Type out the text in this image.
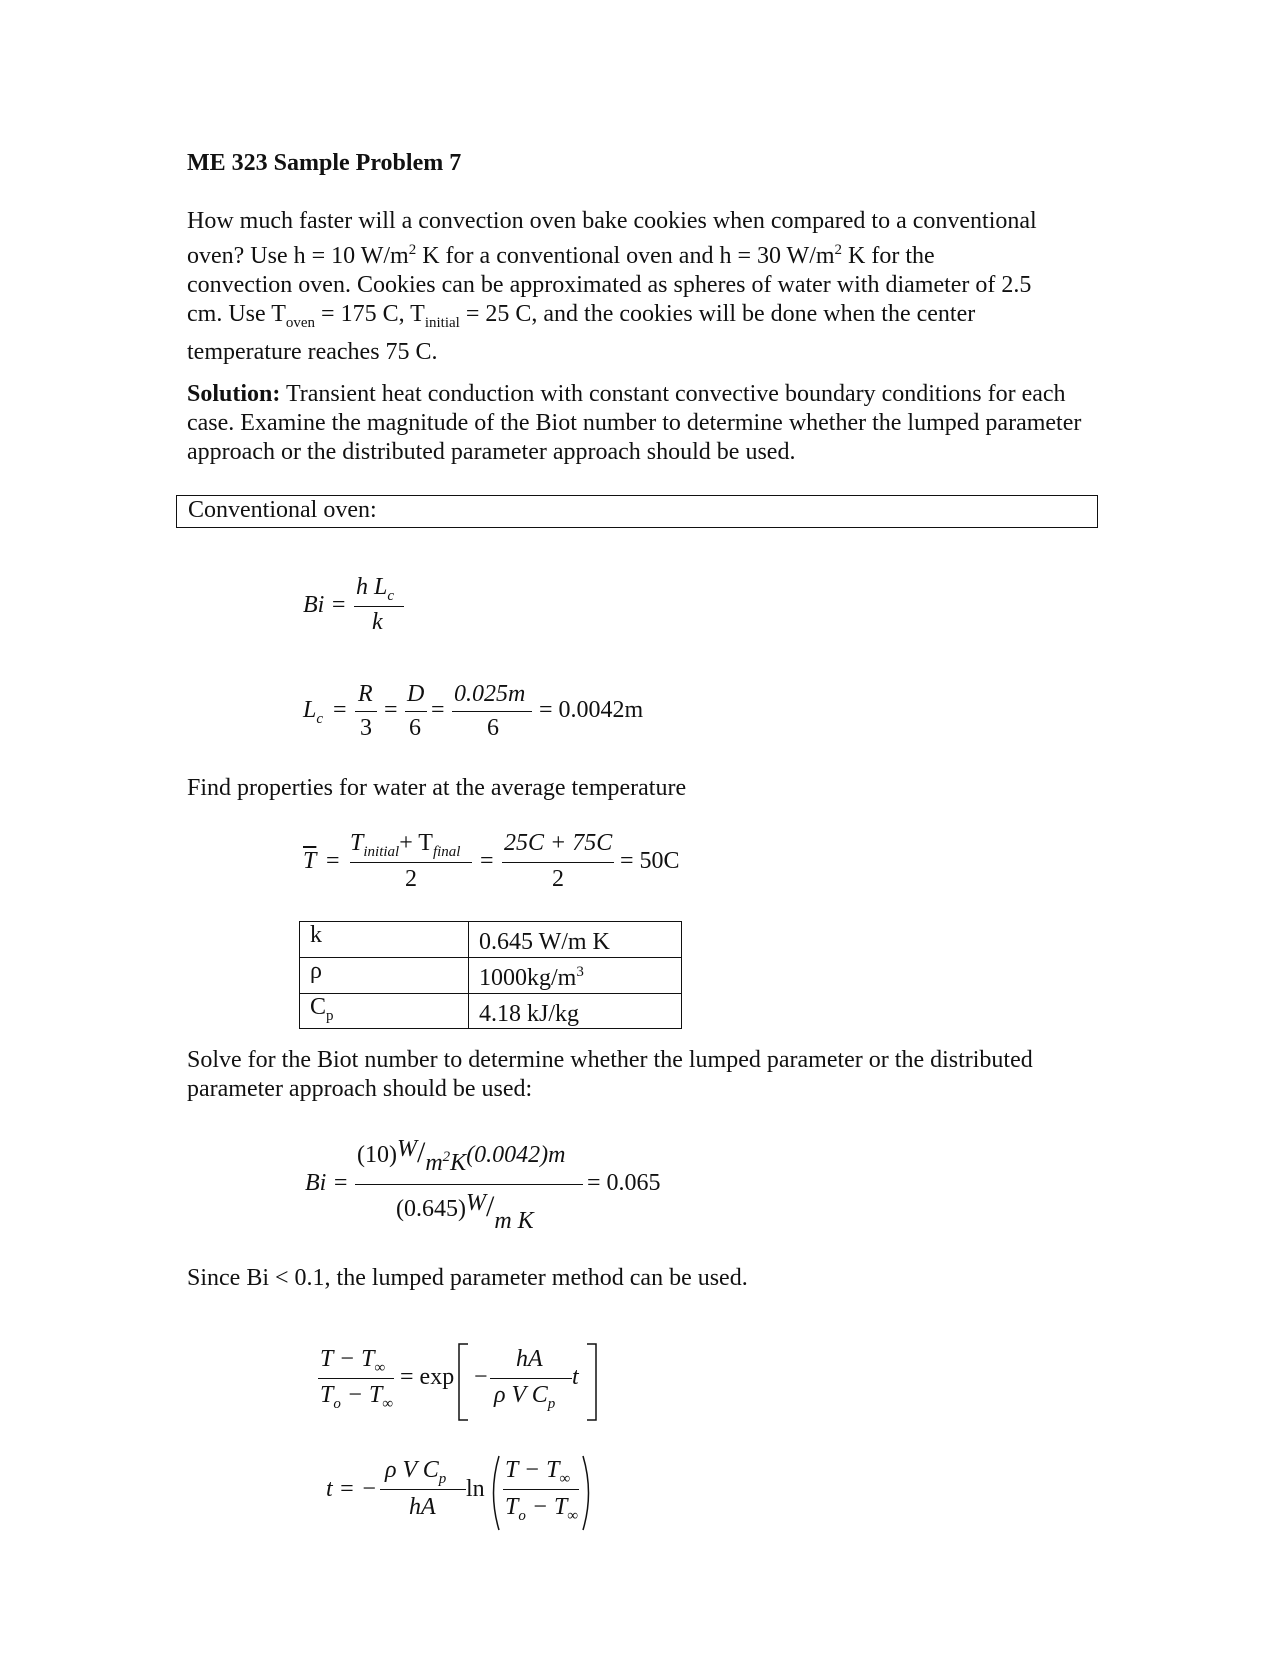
ME 323 Sample Problem 7
How much faster will a convection oven bake cookies when compared to a conventional
oven? Use h = 10 $W/m^2$ K for a conventional oven and h = 30 $W/m^2$ K for the
convection oven. Cookies can be approximated as spheres of water with diameter of 2.5
cm. Use $T_{oven} = 175$ C, $T_{initial} = 25$ C, and the cookies will be done when the center
temperature reaches 75 C.
Solution: Transient heat conduction with constant convective boundary conditions for each case. Examine the magnitude of the Biot number to determine whether the lumped parameter approach or the distributed parameter approach should be used.
Conventional oven:
Bi =
h $L_c$
k
$L_c$ =
R
3
=
D
6
=
0.025m
6
= 0.0042m
Find properties for water at the average temperature
$\overline{T}$ =
$T_{initial}+ T_{final}$
2
=
25C + 75C
2
= 50C
k	0.645 W/m K
ρ	$1000kg/m^3$
$C_p$	4.18 kJ/kg
Solve for the Biot number to determine whether the lumped parameter or the distributed parameter approach should be used:
Bi =
$(10)W/m^2K(0.0042)m$
(0.645)W/m K
= 0.065
Since Bi < 0.1, the lumped parameter method can be used.
$T - T_\infty$
$T_o - T_\infty$
= exp −
hA
ρ V $C_p$
t
t = −
ρ V $C_p$
hA
ln
$T - T_\infty$
$T_o - T_\infty$
